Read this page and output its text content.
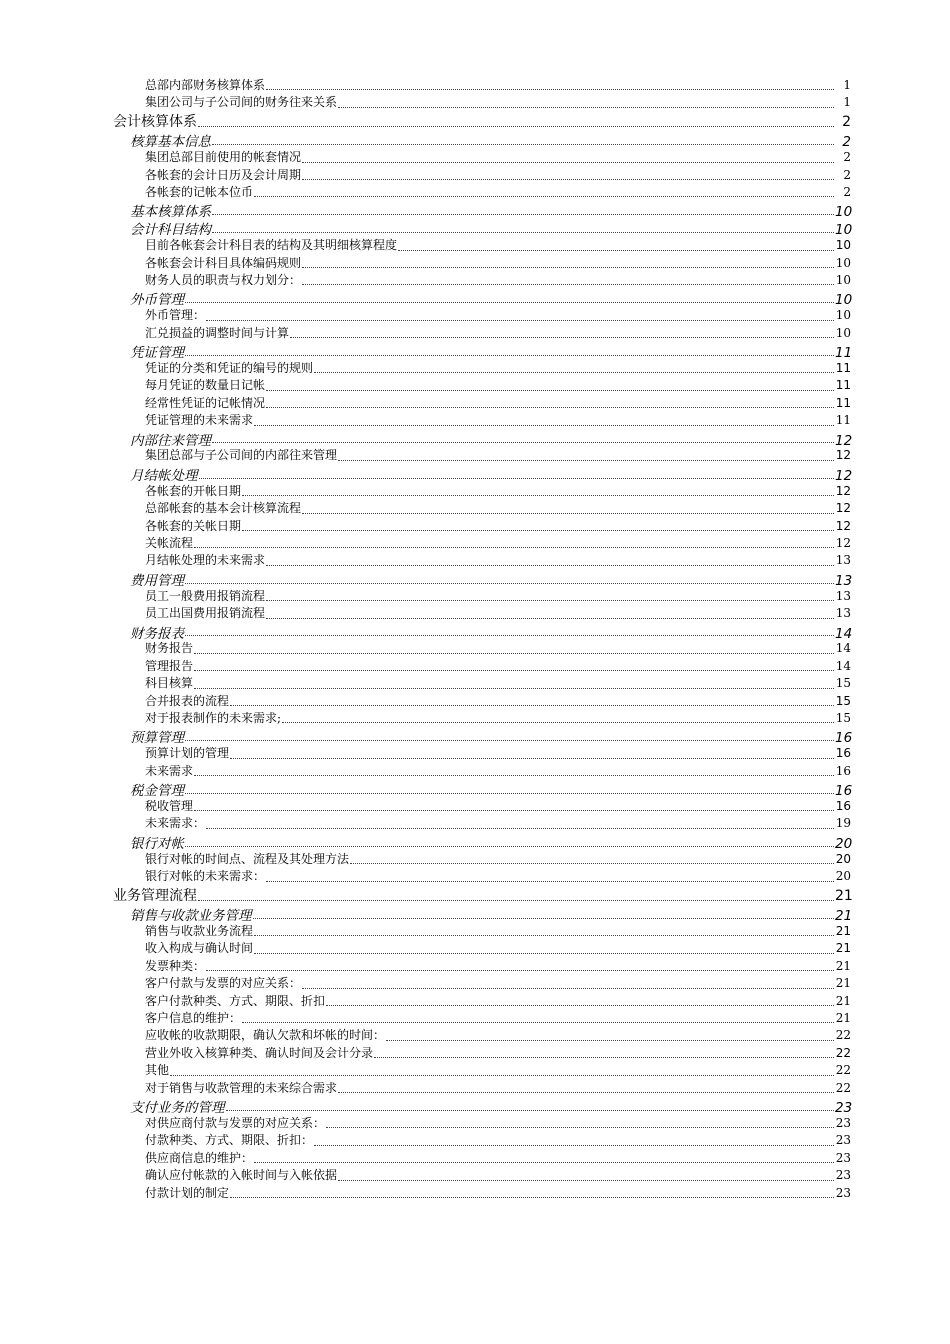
总部内部财务核算体系	1
集团公司与子公司间的财务往来关系	1
会计核算体系	2
核算基本信息	2
集团总部目前使用的帐套情况	2
各帐套的会计日历及会计周期	2
各帐套的记帐本位币	2
基本核算体系	10
会计科目结构	10
目前各帐套会计科目表的结构及其明细核算程度	10
各帐套会计科目具体编码规则	10
财务人员的职责与权力划分：	10
外币管理	10
外币管理：	10
汇兑损益的调整时间与计算	10
凭证管理	11
凭证的分类和凭证的编号的规则	11
每月凭证的数量日记帐	11
经常性凭证的记帐情况	11
凭证管理的未来需求	11
内部往来管理	12
集团总部与子公司间的内部往来管理	12
月结帐处理	12
各帐套的开帐日期	12
总部帐套的基本会计核算流程	12
各帐套的关帐日期	12
关帐流程	12
月结帐处理的未来需求	13
费用管理	13
员工一般费用报销流程	13
员工出国费用报销流程	13
财务报表	14
财务报告	14
管理报告	14
科目核算	15
合并报表的流程	15
对于报表制作的未来需求;	15
预算管理	16
预算计划的管理	16
未来需求	16
税金管理	16
税收管理	16
未来需求：	19
银行对帐	20
银行对帐的时间点、流程及其处理方法	20
银行对帐的未来需求：	20
业务管理流程	21
销售与收款业务管理	21
销售与收款业务流程	21
收入构成与确认时间	21
发票种类：	21
客户付款与发票的对应关系：	21
客户付款种类、方式、期限、折扣	21
客户信息的维护：	21
应收帐的收款期限，确认欠款和坏帐的时间：	22
营业外收入核算种类、确认时间及会计分录	22
其他	22
对于销售与收款管理的未来综合需求	22
支付业务的管理	23
对供应商付款与发票的对应关系：	23
付款种类、方式、期限、折扣：	23
供应商信息的维护：	23
确认应付帐款的入帐时间与入帐依据	23
付款计划的制定	23
